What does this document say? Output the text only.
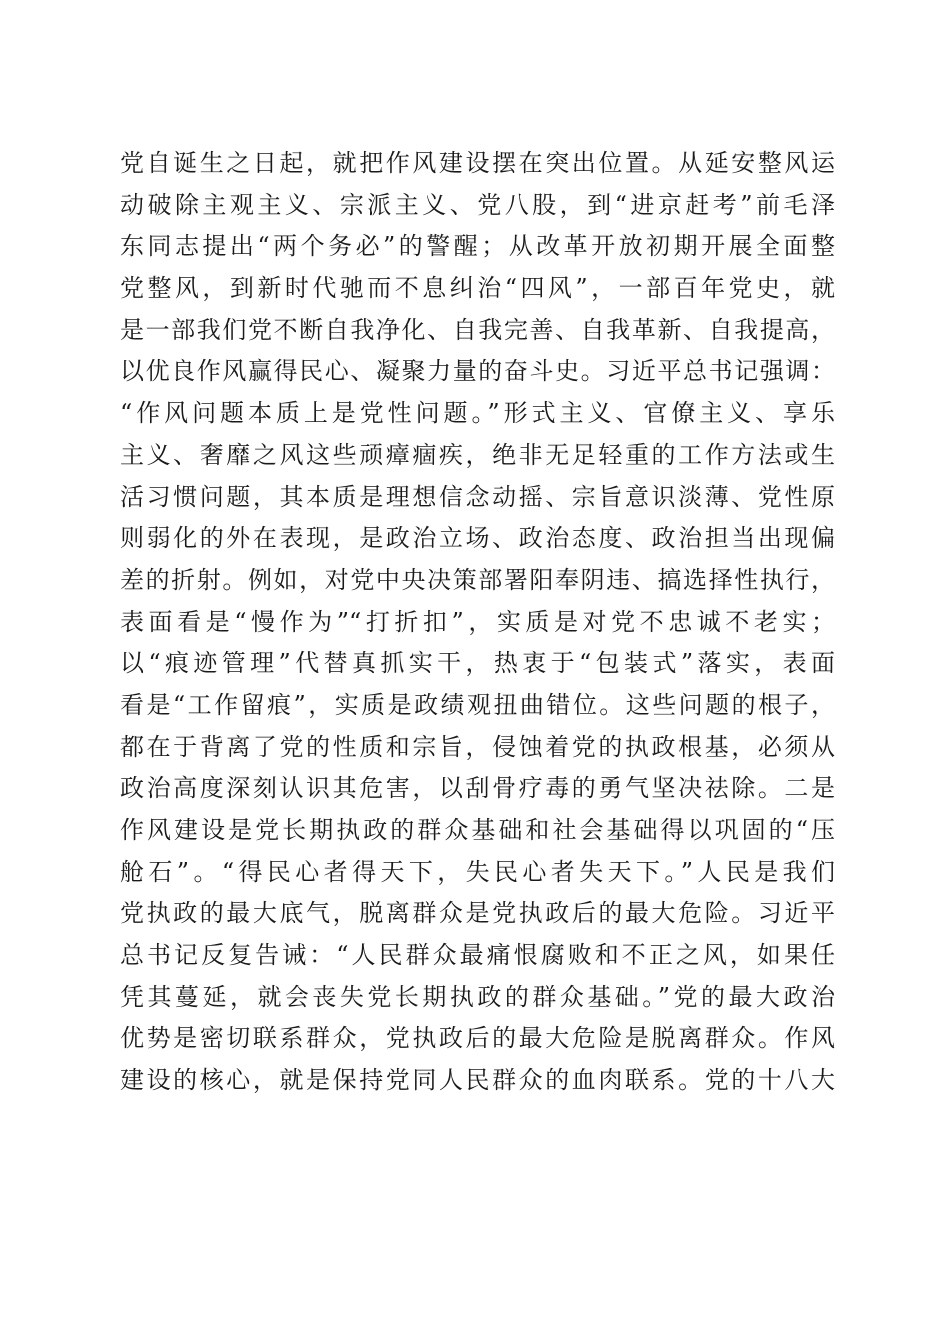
党自诞生之日起，就把作风建设摆在突出位置。从延安整风运
动破除主观主义、宗派主义、党八股，到“进京赶考”前毛泽
东同志提出“两个务必”的警醒；从改革开放初期开展全面整
党整风，到新时代驰而不息纠治“四风”，一部百年党史，就
是一部我们党不断自我净化、自我完善、自我革新、自我提高，
以优良作风赢得民心、凝聚力量的奋斗史。习近平总书记强调：
“作风问题本质上是党性问题。”形式主义、官僚主义、享乐
主义、奢靡之风这些顽瘴痼疾，绝非无足轻重的工作方法或生
活习惯问题，其本质是理想信念动摇、宗旨意识淡薄、党性原
则弱化的外在表现，是政治立场、政治态度、政治担当出现偏
差的折射。例如，对党中央决策部署阳奉阴违、搞选择性执行，
表面看是“慢作为”“打折扣”，实质是对党不忠诚不老实；
以“痕迹管理”代替真抓实干，热衷于“包装式”落实，表面
看是“工作留痕”，实质是政绩观扭曲错位。这些问题的根子，
都在于背离了党的性质和宗旨，侵蚀着党的执政根基，必须从
政治高度深刻认识其危害，以刮骨疗毒的勇气坚决祛除。二是
作风建设是党长期执政的群众基础和社会基础得以巩固的“压
舱石”。“得民心者得天下，失民心者失天下。”人民是我们
党执政的最大底气，脱离群众是党执政后的最大危险。习近平
总书记反复告诫：“人民群众最痛恨腐败和不正之风，如果任
凭其蔓延，就会丧失党长期执政的群众基础。”党的最大政治
优势是密切联系群众，党执政后的最大危险是脱离群众。作风
建设的核心，就是保持党同人民群众的血肉联系。党的十八大
